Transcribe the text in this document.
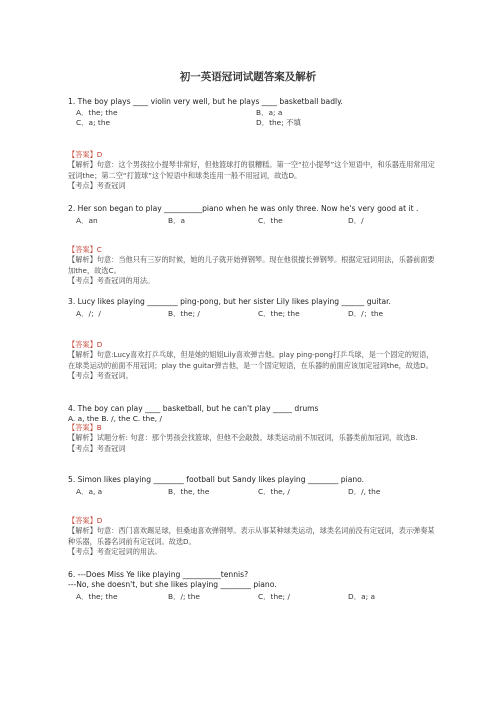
初一英语冠词试题答案及解析
1. The boy plays ____ violin very well, but he plays ____ basketball badly.
A．the; the	B．a; a
C．a; the	D．the; 不填

【答案】D

【解析】句意：这个男孩拉小提琴非常好，但他篮球打的很糟糕。第一空“拉小提琴”这个短语中，和乐器连用常用定冠词the；第二空“打篮球”这个短语中和球类连用一般不用冠词，故选D。

【考点】考查冠词

2. Her son began to play __________piano when he was only three. Now he's very good at it .
A．an	B．a	C．the	D．/

【答案】C

【解析】句意：当他只有三岁的时候，她的儿子就开始弹钢琴。现在他很擅长弹钢琴。根据定冠词用法，乐器前面要加the，故选C。

【考点】考查冠词的用法。

3. Lucy likes playing ________ ping-pong, but her sister Lily likes playing ______ guitar.
A．/；/	B．the; /	C．the; the	D．/；the

【答案】D

【解析】句意:Lucy喜欢打乒乓球，但是她的姐姐Lily喜欢弹吉他。play ping-pong打乒乓球，是一个固定的短语，在球类运动的前面不用冠词；play the guitar弹吉他，是一个固定短语，在乐器的前面应该加定冠词the，故选D。

【考点】考查冠词。

4. The boy can play ____ basketball, but he can't play _____ drums
A. a, the B. /, the C. the, /

【答案】B

【解析】试题分析: 句意：那个男孩会找篮球，但他不会敲鼓。球类运动前不加冠词，乐器类前加冠词，故选B.

【考点】考查冠词

5. Simon likes playing ________ football but Sandy likes playing ________ piano.
A．a, a	B．the, the	C．the, /	D．/, the

【答案】D

【解析】句意：西门喜欢踢足球，但桑迪喜欢弹钢琴。表示从事某种球类运动，球类名词前没有定冠词，表示弹奏某种乐器，乐器名词前有定冠词。故选D。

【考点】考查定冠词的用法。

6. ---Does Miss Ye like playing __________tennis?
---No, she doesn't, but she likes playing ________ piano.
A．the; the	B．/; the	C．the; /	D．a; a
